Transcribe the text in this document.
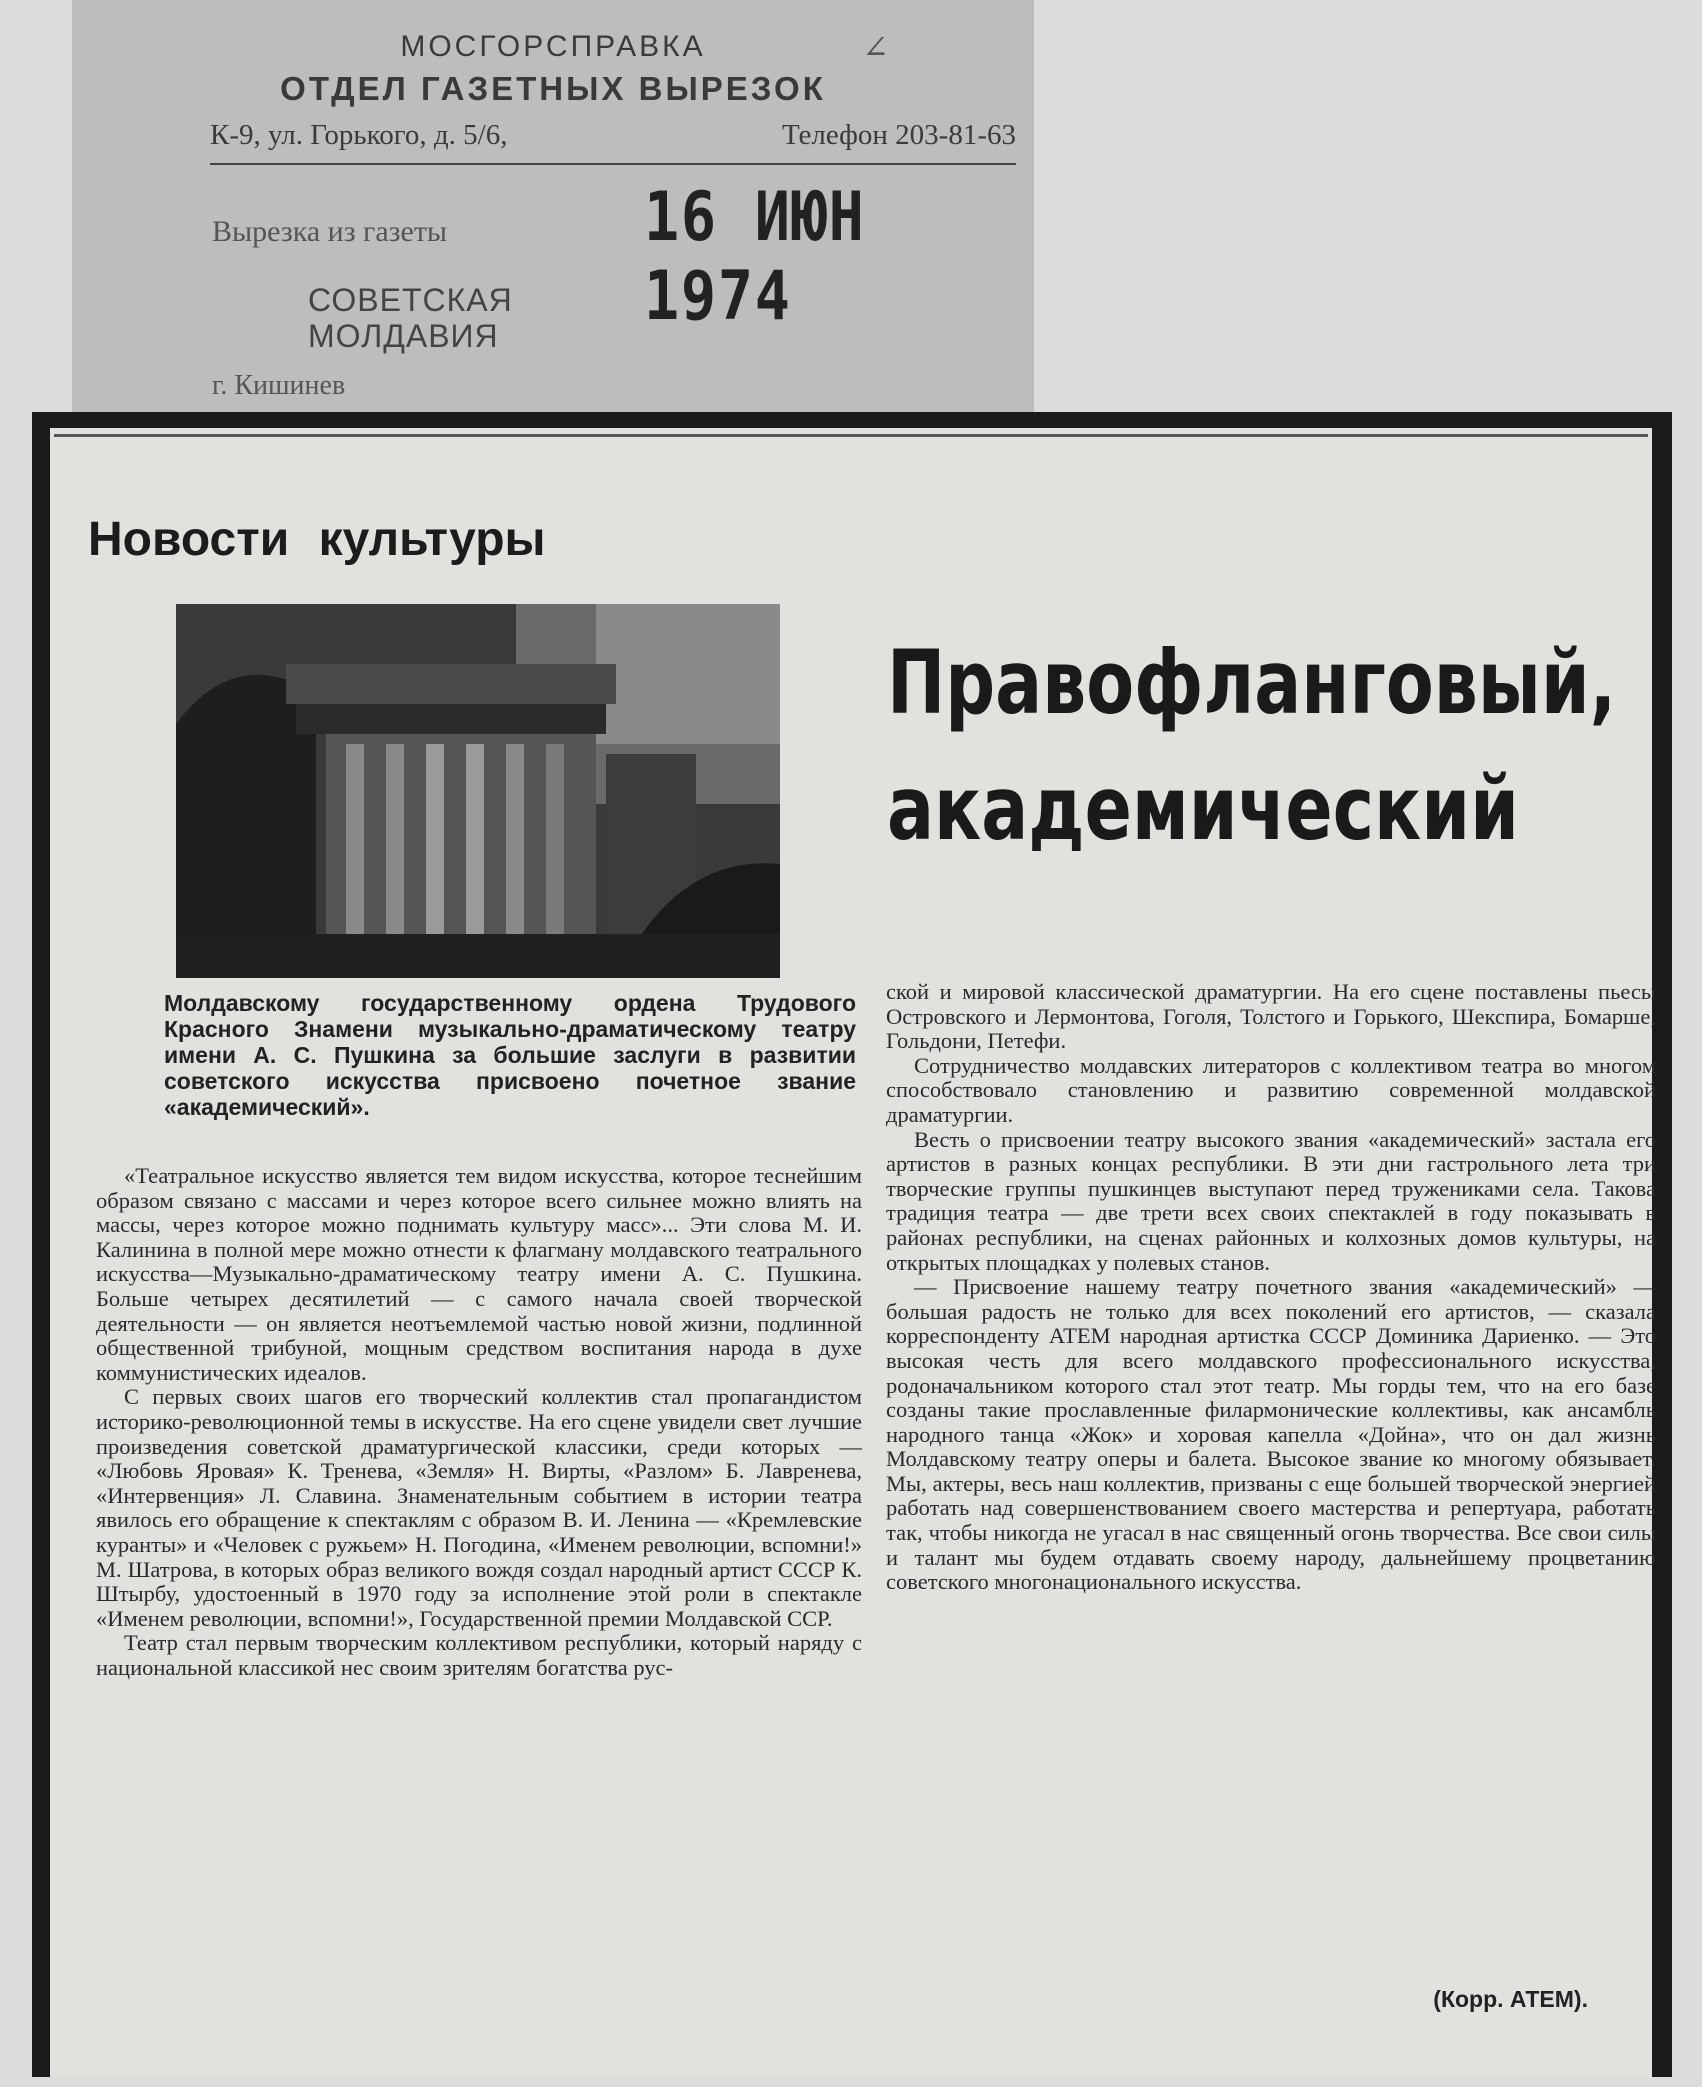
МОСГОРСПРАВКА	∠
ОТДЕЛ ГАЗЕТНЫХ ВЫРЕЗОК
К-9, ул. Горького, д. 5/6,	Телефон 203-81-63
Вырезка из газеты	16 ИЮН 1974
СОВЕТСКАЯ
МОЛДАВИЯ
г. Кишинев
Новости культуры
Правофланговый,
академический
Молдавскому государственному ордена Трудового Красного Знамени музыкально-драматическому театру имени А. С. Пушкина за большие заслуги в развитии советского искусства присвоено почетное звание «академический».

«Театральное искусство является тем видом искусства, которое теснейшим образом связано с массами и через которое всего сильнее можно влиять на массы, через которое можно поднимать культуру масс»... Эти слова М. И. Калинина в полной мере можно отнести к флагману молдавского театрального искусства—Музыкально-драматическому театру имени А. С. Пушкина. Больше четырех десятилетий — с самого начала своей творческой деятельности — он является неотъемлемой частью новой жизни, подлинной общественной трибуной, мощным средством воспитания народа в духе коммунистических идеалов.

С первых своих шагов его творческий коллектив стал пропагандистом историко-революционной темы в искусстве. На его сцене увидели свет лучшие произведения советской драматургической классики, среди которых — «Любовь Яровая» К. Тренева, «Земля» Н. Вирты, «Разлом» Б. Лавренева, «Интервенция» Л. Славина. Знаменательным событием в истории театра явилось его обращение к спектаклям с образом В. И. Ленина — «Кремлевские куранты» и «Человек с ружьем» Н. Погодина, «Именем революции, вспомни!» М. Шатрова, в которых образ великого вождя создал народный артист СССР К. Штырбу, удостоенный в 1970 году за исполнение этой роли в спектакле «Именем революции, вспомни!», Государственной премии Молдавской ССР.

Театр стал первым творческим коллективом республики, который наряду с национальной классикой нес своим зрителям богатства рус-

ской и мировой классической драматургии. На его сцене поставлены пьесы Островского и Лермонтова, Гоголя, Толстого и Горького, Шекспира, Бомарше, Гольдони, Петефи.

Сотрудничество молдавских литераторов с коллективом театра во многом способствовало становлению и развитию современной молдавской драматургии.

Весть о присвоении театру высокого звания «академический» застала его артистов в разных концах республики. В эти дни гастрольного лета три творческие группы пушкинцев выступают перед тружениками села. Такова традиция театра — две трети всех своих спектаклей в году показывать в районах республики, на сценах районных и колхозных домов культуры, на открытых площадках у полевых станов.

— Присвоение нашему театру почетного звания «академический» — большая радость не только для всех поколений его артистов, — сказала корреспонденту АТЕМ народная артистка СССР Доминика Дариенко. — Это высокая честь для всего молдавского профессионального искусства, родоначальником которого стал этот театр. Мы горды тем, что на его базе созданы такие прославленные филармонические коллективы, как ансамбль народного танца «Жок» и хоровая капелла «Дойна», что он дал жизнь Молдавскому театру оперы и балета. Высокое звание ко многому обязывает. Мы, актеры, весь наш коллектив, призваны с еще большей творческой энергией работать над совершенствованием своего мастерства и репертуара, работать так, чтобы никогда не угасал в нас священный огонь творчества. Все свои силы и талант мы будем отдавать своему народу, дальнейшему процветанию советского многонационального искусства.

(Корр. АТЕМ).
